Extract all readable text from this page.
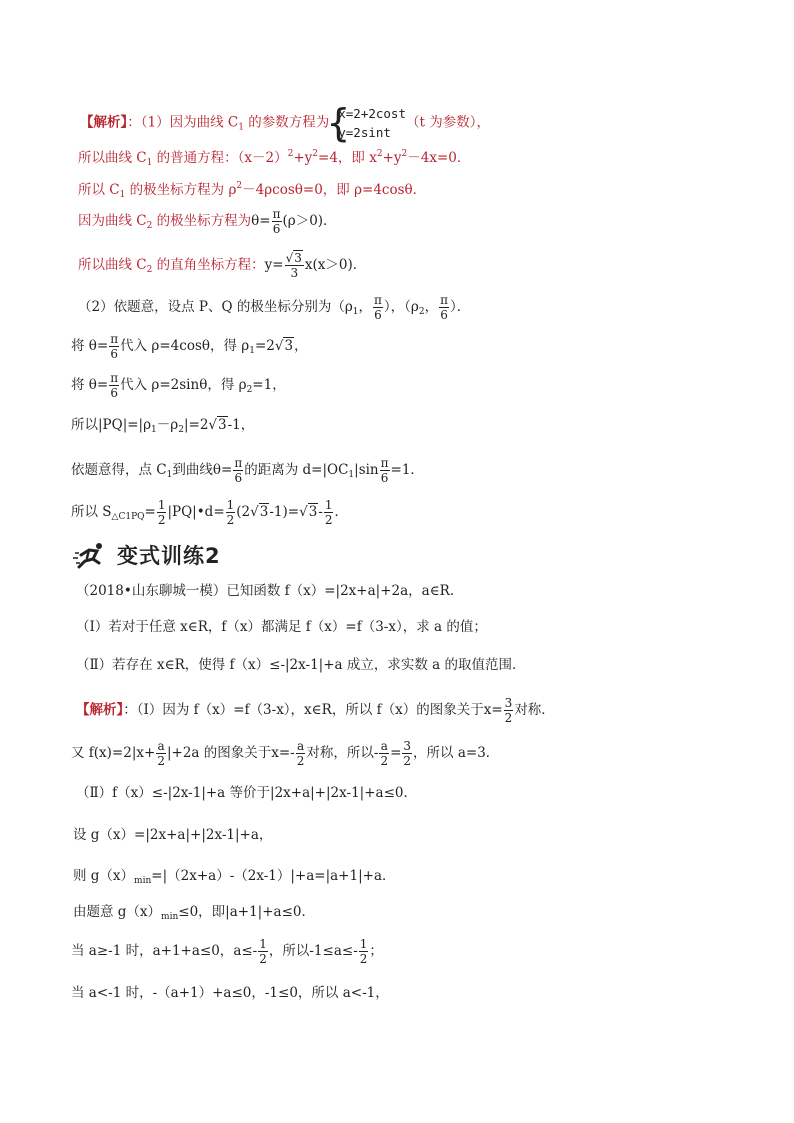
【解析】：（1）因为曲线 $C_1$ 的参数方程为
{
x=2+2cost
y=2sint
（t 为参数），
所以曲线 $C_1$ 的普通方程：$(x-2)^2+y^2=4$，即 $x^2+y^2-4x=0$．
所以 $C_1$ 的极坐标方程为 $\rho^2-4\rho\cos\theta=0$，即 ρ=4cosθ．
因为曲线 $C_2$ 的极坐标方程为$\theta= \frac{\pi}{6} (\rho>0)$．
所以曲线 $C_2$ 的直角坐标方程：$y= \frac{√3}{3} x(x>0)$．
（2）依题意，设点 P、Q 的极坐标分别为（$\rho_1$， $\frac{\pi}{6}$ ），（$\rho_2$， $\frac{\pi}{6}$ ）．
将 $\theta= \frac{\pi}{6}$ 代入 ρ=4cosθ，得 $\rho_1=2√3$，
将 $\theta= \frac{\pi}{6}$ 代入 ρ=2sinθ，得 $\rho_2=1$，
所以$|PQ|=|\rho_1-\rho_2|=2√3-1$，
依题意得，点 $C_1$到曲线$\theta= \frac{\pi}{6}$ 的距离为 $d=|OC_1|\sin \frac{\pi}{6} =1$．
所以 $S_{\triangle C1PQ}= \frac{1}{2}$ |PQ|•d= $\frac{1}{2} (2√3-1)=√3- \frac{1}{2}$ ．
变式训练2
（2018•山东聊城一模）已知函数 f（x）=|2x+a|+2a，a∈R．
（Ⅰ）若对于任意 x∈R，f（x）都满足 f（x）=f（3-x），求 a 的值；
（Ⅱ）若存在 x∈R，使得 f（x）≤-|2x-1|+a 成立，求实数 a 的取值范围．
【解析】：（Ⅰ）因为 f（x）=f（3-x），x∈R，所以 f（x）的图象关于$x= \frac{3}{2}$ 对称．
又 $f(x)=2|x+ \frac{a}{2} |+2a$ 的图象关于$x=- \frac{a}{2}$ 对称，所以- $\frac{a}{2} = \frac{3}{2}$ ，所以 a=3．
（Ⅱ）f（x）≤-|2x-1|+a 等价于|2x+a|+|2x-1|+a≤0．
设 g（x）=|2x+a|+|2x-1|+a，
则 $g(x)_{min}=|(2x+a)-(2x-1)|+a=|a+1|+a$．
由题意 $g(x)_{min}\le 0$，即|a+1|+a≤0．
当 a≥-1 时，a+1+a≤0，$a\le- \frac{1}{2}$ ，所以$-1\le a\le- \frac{1}{2}$ ；
当 a<-1 时，-（a+1）+a≤0，-1≤0，所以 a<-1，
